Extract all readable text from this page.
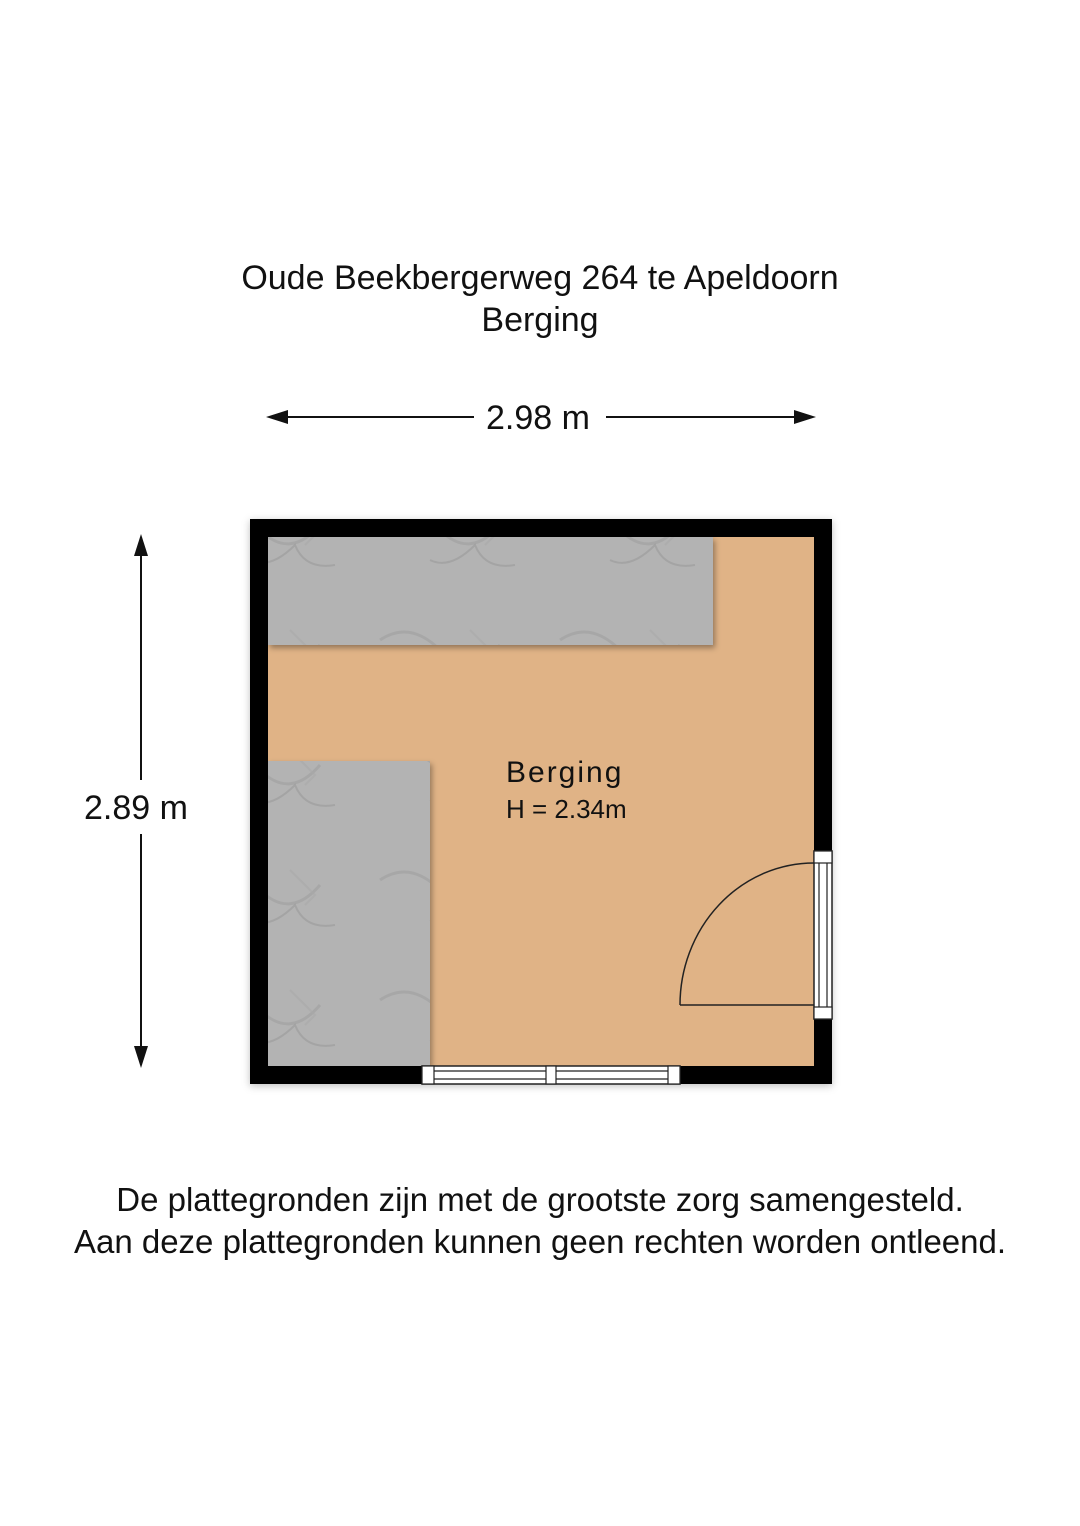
Oude Beekbergerweg 264 te Apeldoorn
Berging
2.98 m
2.89 m
Berging
H = 2.34m
De plattegronden zijn met de grootste zorg samengesteld.
Aan deze plattegronden kunnen geen rechten worden ontleend.
